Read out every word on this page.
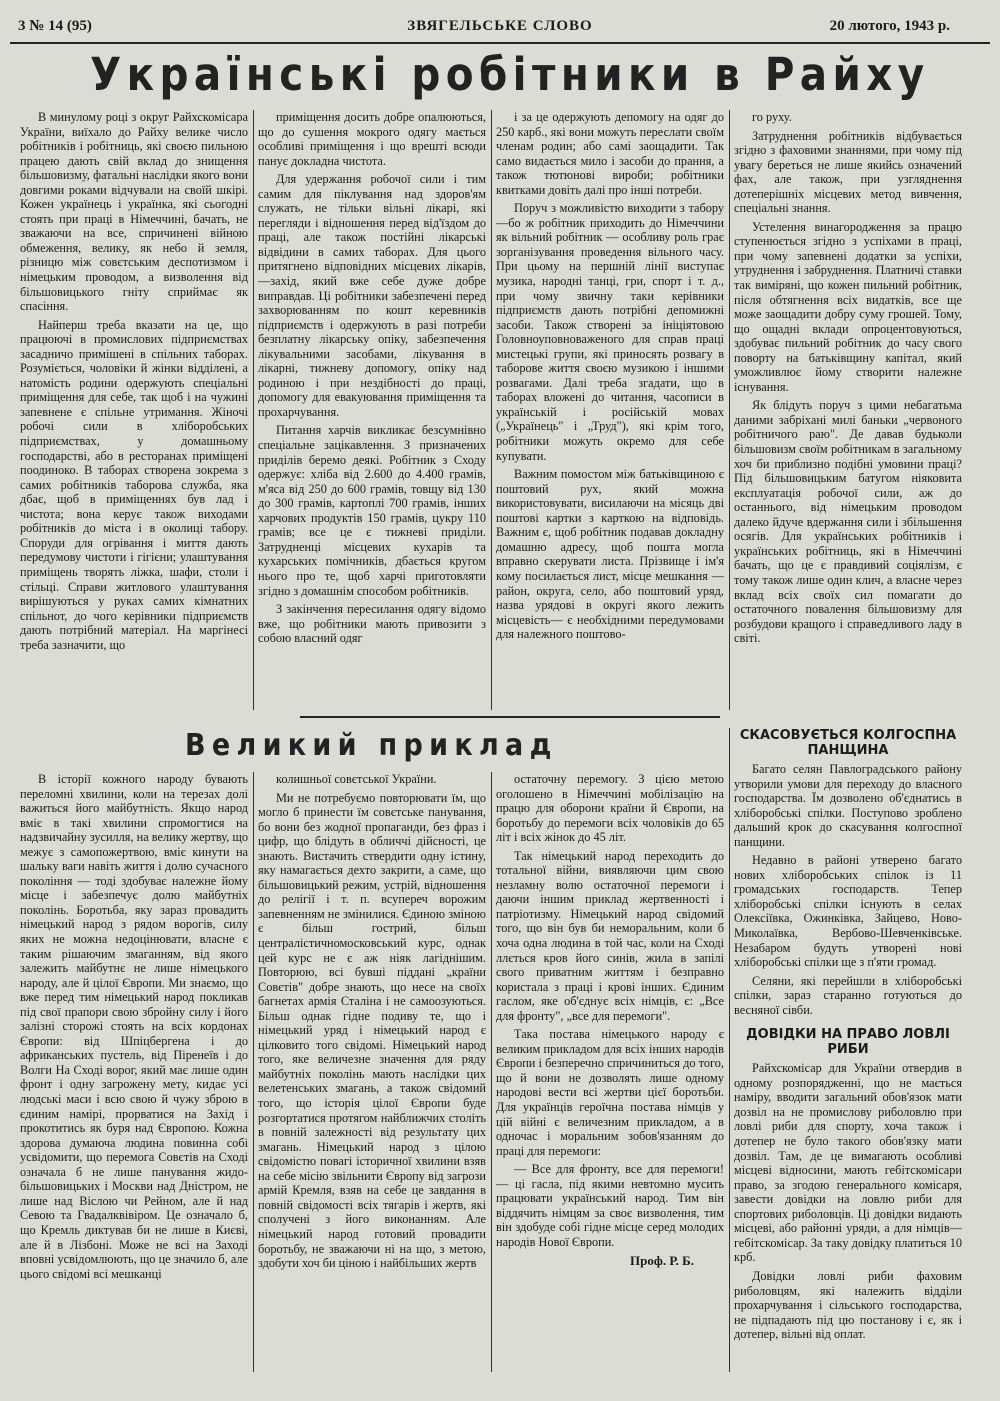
3 № 14 (95)	ЗВЯГЕЛЬСЬКЕ СЛОВО	20 лютого, 1943 р.
Українські робітники в Райху

В минулому році з округ Райхскомісара України, виїхало до Райху велике число робітників і робітниць, які своєю пильною працею дають свій вклад до знищення більшовизму, фатальні наслідки якого вони довгими роками відчували на своїй шкірі. Кожен українець і українка, які сьогодні стоять при праці в Німеччині, бачать, не зважаючи на все, спричинені війною обмеження, велику, як небо й земля, різницю між совєтським деспотизмом і німецьким проводом, а визволення від більшовицького гніту сприймає як спасіння.

Найперш треба вказати на це, що працюючі в промислових підприємствах засадничо примішені в спільних таборах. Розуміється, чоловіки й жінки відділені, а натомість родини одержують спеціальні приміщення для себе, так щоб і на чужині запевнене є спільне утримання. Жіночі робочі сили в хліборобських підприємствах, у домашньому господарстві, або в ресторанах приміщені поодиноко. В таборах створена зокрема з самих робітників таборова служба, яка дбає, щоб в приміщеннях був лад і чистота; вона керує також виходами робітників до міста і в околиці табору. Споруди для огрівання і миття дають передумову чистоти і гігієни; улаштування приміщень творять ліжка, шафи, столи і стільці. Справи житлового улаштування вирішуються у руках самих кімнатних спільнот, до чого керівники підприємств дають потрібний матеріал. На маргінесі треба зазначити, що

приміщення досить добре опалюються, що до сушення мокрого одягу мається особливі приміщення і що врешті всюди панує докладна чистота.

Для удержання робочої сили і тим самим для піклування над здоров'ям служать, не тільки вільні лікарі, які перегляди і відношення перед від'їздом до праці, але також постійні лікарські відвідини в самих таборах. Для цього притягнено відповідних місцевих лікарів,—захід, який вже себе дуже добре виправдав. Ці робітники забезпечені перед захворюванням по кошт керевників підприємств і одержують в разі потреби безплатну лікарську опіку, забезпечення лікувальними засобами, лікування в лікарні, тижневу допомогу, опіку над родиною і при нездібності до праці, допомогу для евакуювання приміщення та прохарчування.

Питання харчів викликає безсумнівно спеціальне зацікавлення. З призначених приділів беремо деякі. Робітник з Сходу одержує: хліба від 2.600 до 4.400 грамів, м'яса від 250 до 600 грамів, товщу від 130 до 300 грамів, картоплі 700 грамів, інших харчових продуктів 150 грамів, цукру 110 грамів; все це є тижневі приділи. Затрудненці місцевих кухарів та кухарських помічників, дбається кругом нього про те, щоб харчі приготовляти згідно з домашнім способом робітників.

З закінчення пересилання одягу відомо вже, що робітники мають привозити з собою власний одяг

і за це одержують депомогу на одяг до 250 карб., які вони можуть переслати своїм членам родин; або самі заощадити. Так само видається мило і засоби до прання, а також тютюнові вироби; робітники квитками довіть далі про інші потреби.

Поруч з можливістю виходити з табору —бо ж робітник приходить до Німеччини як вільний робітник — особливу роль грає зорганізування проведення вільного часу. При цьому на першній лінії виступає музика, народні танці, гри, спорт і т. д., при чому звичну таки керівники підприємств дають потрібні депомижні засоби. Також створені за ініціятовою Головноуповноваженого для справ праці мистецькі групи, які приносять розвагу в таборове життя своєю музикою і іншими розвагами. Далі треба згадати, що в таборах вложені до читання, часописи в українській і російській мовах („Українець" і „Труд"), які крім того, робітники можуть окремо для себе купувати.

Важним помостом між батьківщиною є поштовий рух, який можна використовувати, висилаючи на місяць дві поштові картки з карткою на відповідь. Важним є, щоб робітник подавав докладну домашню адресу, щоб пошта могла вправно скерувати листа. Прізвище і ім'я кому посилається лист, місце мешкання — район, округа, село, або поштовий уряд, назва урядові в округі якого лежить місцевість— є необхідними передумовами для належного поштово-

го руху.

Затруднення робітників відбувається згідно з фаховими знаннями, при чому під увагу береться не лише якийсь означений фах, але також, при узгляднення дотеперішніх місцевих метод вивчення, спеціальні знання.

Устелення винагородження за працю ступенюється згідно з успіхами в праці, при чому запевнені додатки за успіхи, утруднення і забруднення. Платничі ставки так виміряні, що кожен пильний робітник, після обтягнення всіх видатків, все ще може заощадити добру суму грошей. Тому, що ощадні вклади опроцентовуються, здобуває пильний робітник до часу свого поворту на батьківщину капітал, який уможливлює йому створити належне існування.

Як блідуть поруч з цими небагатьма даними забріхані милі баньки „червоного робітничого раю". Де давав будьколи більшовизм своїм робітникам в загальному хоч би приблизно подібні умовини праці? Під більшовицьким батугом ніяковита експлуатація робочої сили, аж до останнього, від німецьким проводом далеко йдуче вдержання сили і збільшення осягів. Для українських робітників і українських робітниць, які в Німеччині бачать, що це є правдивий соціялізм, є тому також лише один клич, а власне через вклад всіх своїх сил помагати до остаточного повалення більшовизму для розбудови кращого і справедливого ладу в світі.

Великий приклад

В історії кожного народу бувають переломні хвилини, коли на терезах долі важиться його майбутність. Якщо народ вміє в такі хвилини спромогтися на надзвичайну зусилля, на велику жертву, що межує з самопожертвою, вміє кинути на шальку ваги навіть життя і долю сучасного покоління — тоді здобуває належне йому місце і забезпечує долю майбутніх поколінь. Боротьба, яку зараз провадить німецький народ з рядом ворогів, силу яких не можна недоцінювати, власне є таким рішаючим змаганням, від якого залежить майбутнє не лише німецького народу, але й цілої Європи. Ми знаємо, що вже перед тим німецький народ покликав під свої прапори свою збройну силу і його залізні сторожі стоять на всіх кордонах Європи: від Шпіцбергена і до африканських пустель, від Піренеїв і до Волги На Сході ворог, який має лише один фронт і одну загрожену мету, кидає усі людські маси і всю свою й чужу зброю в єдиним намірі, прорватися на Захід і прокотитись як буря над Європою. Кожна здорова думаюча людина повинна собі усвідомити, що перемога Совєтів на Сході означала б не лише панування жидо-більшовицьких і Москви над Дністром, не лише над Віслою чи Рейном, але й над Севою та Гвадалквівіром. Це означало б, що Кремль диктував би не лише в Києві, але й в Лізбоні. Може не всі на Заході вповні усвідомлюють, що це значило б, але цього свідомі всі мешканці

колишньої совєтської України.

Ми не потребуємо повторювати їм, що могло б принести їм совєтське панування, бо вони без жодної пропаганди, без фраз і цифр, що блідуть в обличчі дійсності, це знають. Вистачить ствердити одну істину, яку намагається дехто закрити, а саме, що більшовицький режим, устрій, відношення до релігії і т. п. всупереч ворожим запевненням не змінилися. Єдиною зміною є більш гострий, більш централістичномосковський курс, однак цей курс не є аж ніяк лагіднішим. Повторюю, всі бувші піддані „країни Совєтів" добре знають, що несе на своїх багнетах армія Сталіна і не самоозуються. Більш однак гідне подиву те, що і німецький уряд і німецький народ є цілковито того свідомі. Німецький народ того, яке величезне значення для ряду майбутніх поколінь мають наслідки цих велетенських змагань, а також свідомий того, що історія цілої Європи буде розгортатися протягом найближчих століть в повній залежності від результату цих змагань. Німецький народ з цілою свідомістю повагі історичної хвилини взяв на себе місію звільнити Європу від загрози армій Кремля, взяв на себе це завдання в повній свідомості всіх тягарів і жертв, які сполучені з його виконанням. Але німецький народ готовий провадити боротьбу, не зважаючи ні на що, з метою, здобути хоч би ціною і найбільших жертв

остаточну перемогу. З цією метою оголошено в Німеччині мобілізацію на працю для оборони країни й Європи, на боротьбу до перемоги всіх чоловіків до 65 літ і всіх жінок до 45 літ.

Так німецький народ переходить до тотальної війни, виявляючи цим свою незламну волю остаточної перемоги і даючи іншим приклад жертвенності і патріотизму. Німецький народ свідомий того, що він був би неморальним, коли б хоча одна людина в той час, коли на Сході ллється кров його синів, жила в запілі свого приватним життям і безправно користала з праці і крові інших. Єдиним гаслом, яке об'єднує всіх німців, є: „Все для фронту", „все для перемоги".

Така постава німецького народу є великим прикладом для всіх інших народів Європи і безперечно спричиниться до того, що й вони не дозволять лише одному народові вести всі жертви цієї боротьби. Для українців героїчна постава німців у цій війні є величезним прикладом, а в одночас і моральним зобов'язанням до праці для перемоги:

— Все для фронту, все для перемоги! — ці гасла, під якими невтомно мусить працювати український народ. Тим він віддячить німцям за своє визволення, тим він здобуде собі гідне місце серед молодих народів Нової Європи.

Проф. Р. Б.

СКАСОВУЄТЬСЯ КОЛГОСПНА ПАНЩИНА

Багато селян Павлоградського району утворили умови для переходу до власного господарства. Їм дозволено об'єднатись в хліборобські спілки. Поступово зроблено дальший крок до скасування колгоспної панщини.

Недавно в районі утверено багато нових хліборобських спілок із 11 громадських господарств. Тепер хліборобські спілки існують в селах Олексіївка, Ожинківка, Зайцево, Ново-Миколаївка, Вербово-Шевченківське. Незабаром будуть утворені нові хліборобські спілки ще з п'яти громад.

Селяни, які перейшли в хліборобські спілки, зараз старанно готуються до весняної сівби.

ДОВІДКИ НА ПРАВО ЛОВЛІ РИБИ

Райхскомісар для України отвердив в одному розпорядженні, що не мається наміру, вводити загальний обов'язок мати дозвіл на не промислову риболовлю при ловлі риби для спорту, хоча також і дотепер не було такого обов'язку мати дозвіл. Там, де це вимагають особливі місцеві відносини, мають гебітскомісари право, за згодою генерального комісаря, завести довідки на ловлю риби для спортових риболовців. Ці довідки видають місцеві, або районні уряди, а для німців—гебітскомісар. За таку довідку платиться 10 крб.

Довідки ловлі риби фаховим риболовцям, які належить відділи прохарчування і сільського господарства, не підпадають під цю постанову і є, як і дотепер, вільні від оплат.
